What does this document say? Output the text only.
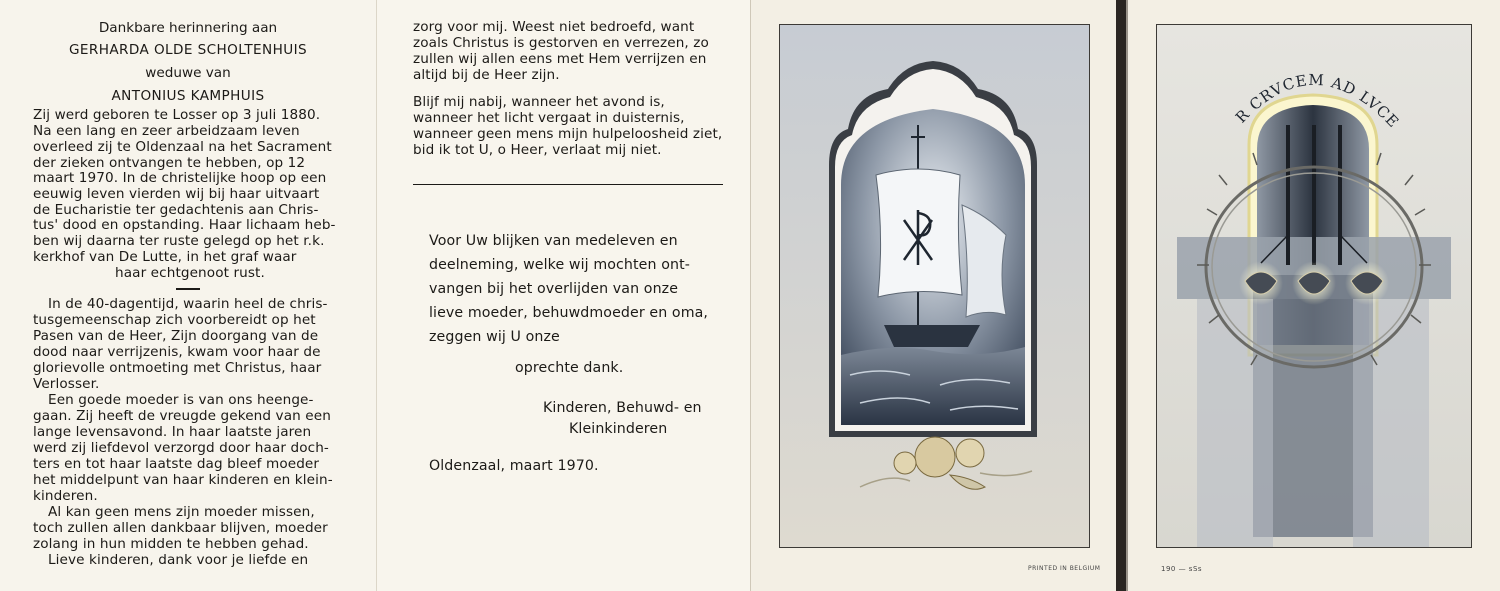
Dankbare herinnering aan
GERHARDA OLDE SCHOLTENHUIS
weduwe van
ANTONIUS KAMPHUIS
Zij werd geboren te Losser op 3 juli 1880.
Na een lang en zeer arbeidzaam leven
overleed zij te Oldenzaal na het Sacrament
der zieken ontvangen te hebben, op 12
maart 1970. In de christelijke hoop op een
eeuwig leven vierden wij bij haar uitvaart
de Eucharistie ter gedachtenis aan Chris-
tus' dood en opstanding. Haar lichaam heb-
ben wij daarna ter ruste gelegd op het r.k.
kerkhof van De Lutte, in het graf waar
haar echtgenoot rust.
In de 40-dagentijd, waarin heel de chris-
tusgemeenschap zich voorbereidt op het
Pasen van de Heer, Zijn doorgang van de
dood naar verrijzenis, kwam voor haar de
glorievolle ontmoeting met Christus, haar
Verlosser.
Een goede moeder is van ons heenge-
gaan. Zij heeft de vreugde gekend van een
lange levensavond. In haar laatste jaren
werd zij liefdevol verzorgd door haar doch-
ters en tot haar laatste dag bleef moeder
het middelpunt van haar kinderen en klein-
kinderen.
Al kan geen mens zijn moeder missen,
toch zullen allen dankbaar blijven, moeder
zolang in hun midden te hebben gehad.
Lieve kinderen, dank voor je liefde en
zorg voor mij. Weest niet bedroefd, want
zoals Christus is gestorven en verrezen, zo
zullen wij allen eens met Hem verrijzen en
altijd bij de Heer zijn.
Blijf mij nabij, wanneer het avond is,
wanneer het licht vergaat in duisternis,
wanneer geen mens mijn hulpeloosheid ziet,
bid ik tot U, o Heer, verlaat mij niet.
Voor Uw blijken van medeleven en
deelneming, welke wij mochten ont-
vangen bij het overlijden van onze
lieve moeder, behuwdmoeder en oma,
zeggen wij U onze
oprechte dank.
Kinderen, Behuwd- en
Kleinkinderen
Oldenzaal, maart 1970.
PRINTED IN BELGIUM
PER CRVCEM AD LVCEM
190 — sSs
